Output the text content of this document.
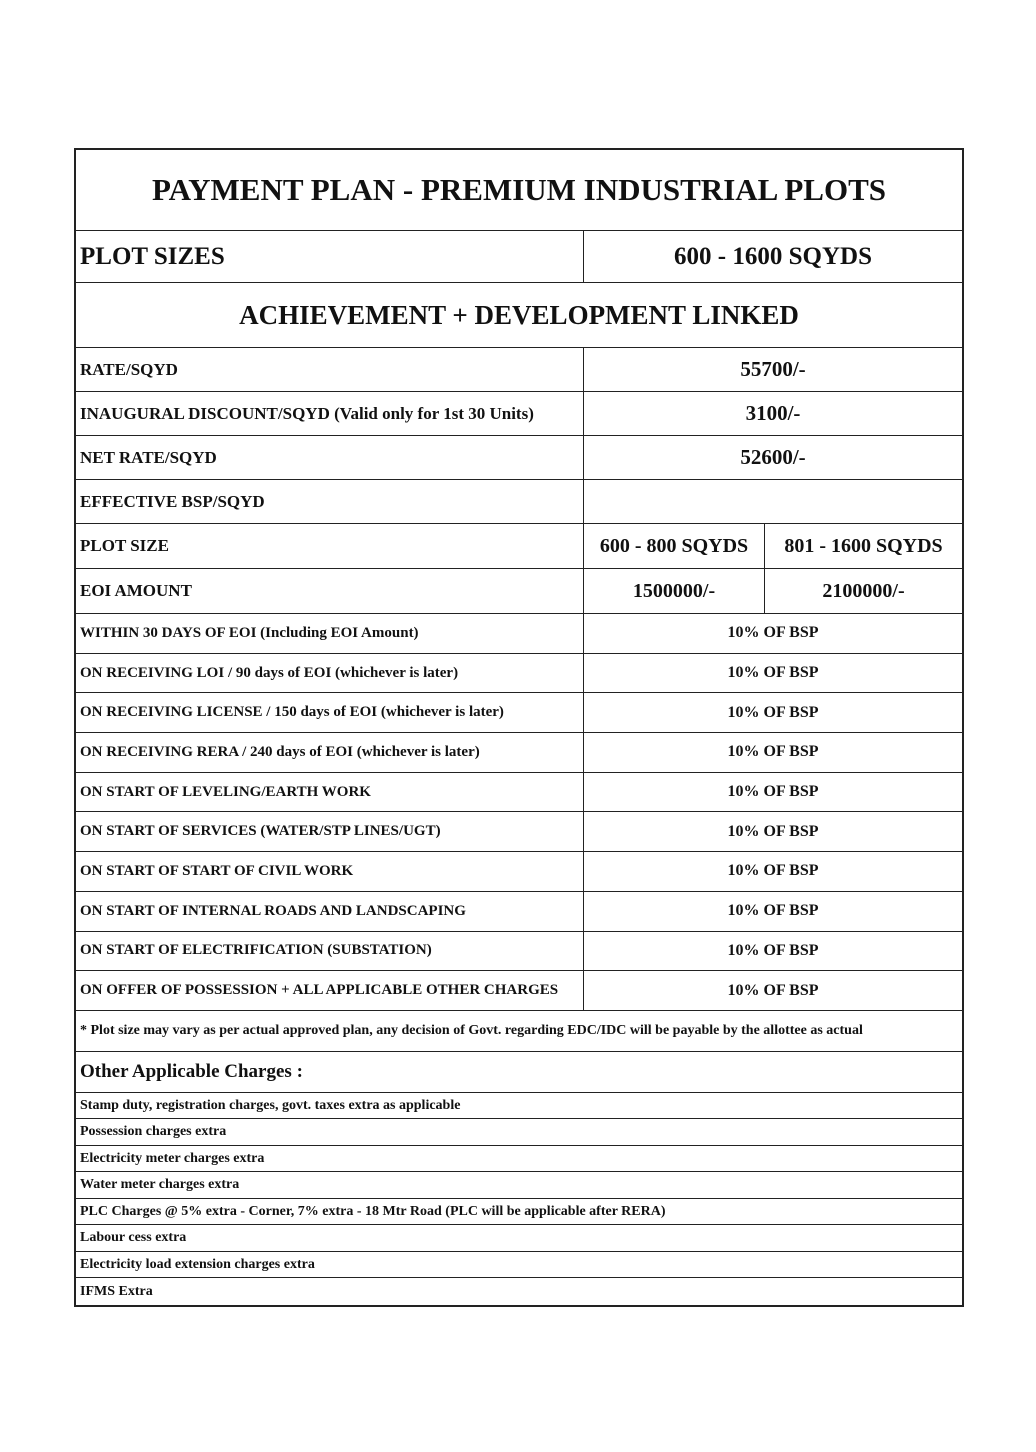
PAYMENT PLAN - PREMIUM INDUSTRIAL PLOTS
PLOT SIZES	600 - 1600 SQYDS
ACHIEVEMENT + DEVELOPMENT LINKED
RATE/SQYD	55700/-
INAUGURAL DISCOUNT/SQYD (Valid only for 1st 30 Units)	3100/-
NET RATE/SQYD	52600/-
EFFECTIVE BSP/SQYD
PLOT SIZE	600 - 800 SQYDS	801 - 1600 SQYDS
EOI AMOUNT	1500000/-	2100000/-
WITHIN 30 DAYS OF EOI (Including EOI Amount)	10% OF BSP
ON RECEIVING LOI / 90 days of EOI (whichever is later)	10% OF BSP
ON RECEIVING LICENSE / 150 days of EOI (whichever is later)	10% OF BSP
ON RECEIVING RERA / 240 days of EOI (whichever is later)	10% OF BSP
ON START OF LEVELING/EARTH WORK	10% OF BSP
ON START OF SERVICES (WATER/STP LINES/UGT)	10% OF BSP
ON START OF START OF CIVIL WORK	10% OF BSP
ON START OF INTERNAL ROADS AND LANDSCAPING	10% OF BSP
ON START OF ELECTRIFICATION (SUBSTATION)	10% OF BSP
ON OFFER OF POSSESSION + ALL APPLICABLE OTHER CHARGES	10% OF BSP
* Plot size may vary as per actual approved plan, any decision of Govt. regarding EDC/IDC will be payable by the allottee as actual
Other Applicable Charges :
Stamp duty, registration charges, govt. taxes extra as applicable
Possession charges extra
Electricity meter charges extra
Water meter charges extra
PLC Charges @ 5% extra - Corner, 7% extra - 18 Mtr Road (PLC will be applicable after RERA)
Labour cess extra
Electricity load extension charges extra
IFMS Extra
